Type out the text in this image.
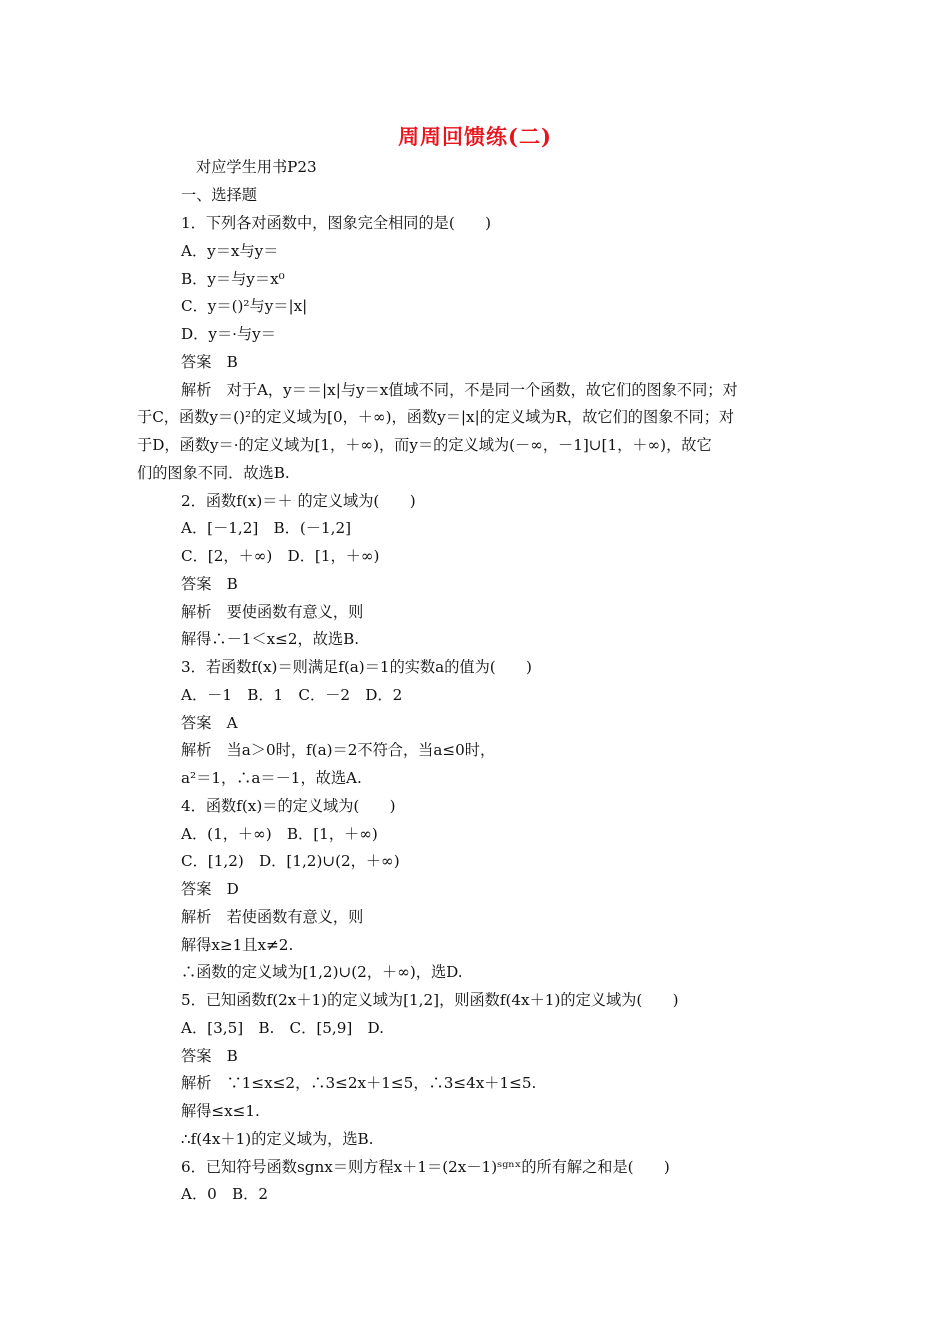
周周回馈练(二)
对应学生用书P23
一、选择题
1．下列各对函数中，图象完全相同的是(　　)
A．y＝x与y＝
B．y＝与y＝x⁰
C．y＝()²与y＝|x|
D．y＝·与y＝
答案　B
解析　对于A，y＝＝|x|与y＝x值域不同，不是同一个函数，故它们的图象不同；对
于C，函数y＝()²的定义域为[0，＋∞)，函数y＝|x|的定义域为R，故它们的图象不同；对
于D，函数y＝·的定义域为[1，＋∞)，而y＝的定义域为(－∞，－1]∪[1，＋∞)，故它
们的图象不同．故选B.
2．函数f(x)＝＋ 的定义域为(　　)
A．[－1,2]　B．(－1,2]
C．[2，＋∞)　D．[1，＋∞)
答案　B
解析　要使函数有意义，则
解得∴－1＜x≤2，故选B.
3．若函数f(x)＝则满足f(a)＝1的实数a的值为(　　)
A．－1　B．1　C．－2　D．2
答案　A
解析　当a＞0时，f(a)＝2不符合，当a≤0时，
a²＝1，∴a＝－1，故选A.
4．函数f(x)＝的定义域为(　　)
A．(1，＋∞)　B．[1，＋∞)
C．[1,2)　D．[1,2)∪(2，＋∞)
答案　D
解析　若使函数有意义，则
解得x≥1且x≠2.
∴函数的定义域为[1,2)∪(2，＋∞)，选D.
5．已知函数f(2x＋1)的定义域为[1,2]，则函数f(4x＋1)的定义域为(　　)
A．[3,5]　B.　C．[5,9]　D.
答案　B
解析　∵1≤x≤2，∴3≤2x＋1≤5，∴3≤4x＋1≤5.
解得≤x≤1.
∴f(4x＋1)的定义域为，选B.
6．已知符号函数sgnx＝则方程x＋1＝(2x－1)ˢᵍⁿˣ的所有解之和是(　　)
A．0　B．2
